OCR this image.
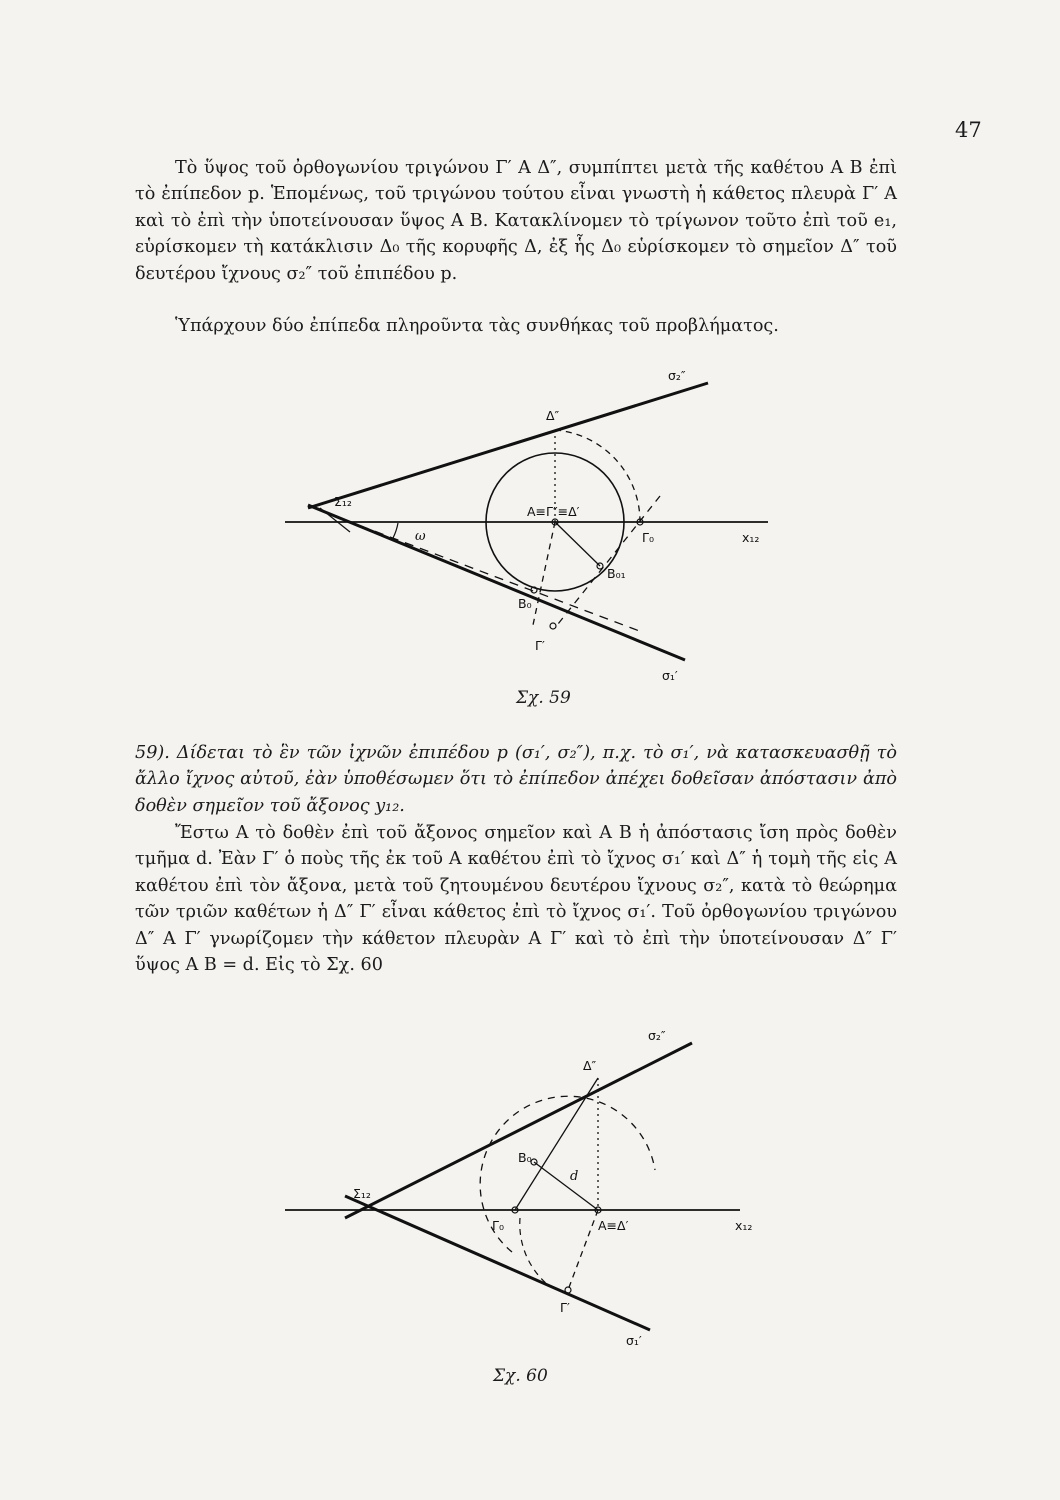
47

Τὸ ὕψος τοῦ ὀρθογωνίου τριγώνου Γ′ Α Δ″, συμπίπτει μετὰ τῆς καθέτου Α Β ἐπὶ τὸ ἐπίπεδον p. Ἑπομένως, τοῦ τριγώνου τούτου εἶναι γνωστὴ ἡ κάθετος πλευρὰ Γ′ Α καὶ τὸ ἐπὶ τὴν ὑποτείνουσαν ὕψος Α Β. Κατακλίνομεν τὸ τρίγωνον τοῦτο ἐπὶ τοῦ e₁, εὑρίσκομεν τὴ κατάκλισιν Δ₀ τῆς κορυφῆς Δ, ἐξ ἧς Δ₀ εὑρίσκομεν τὸ σημεῖον Δ″ τοῦ δευτέρου ἴχνους σ₂″ τοῦ ἐπιπέδου p.

Ὑπάρχουν δύο ἐπίπεδα πληροῦντα τὰς συνθήκας τοῦ προβλήματος.

σ₂″
Δ″
Σ₁₂
ω
Α≡Γ″≡Δ′
Γ₀	x₁₂
Β₀₁
Β₀
Γ′
σ₁′
Σχ. 59

59). Δίδεται τὸ ἓν τῶν ἰχνῶν ἐπιπέδου p (σ₁′, σ₂″), π.χ. τὸ σ₁′, νὰ κατασκευασθῇ τὸ ἄλλο ἴχνος αὐτοῦ, ἐὰν ὑποθέσωμεν ὅτι τὸ ἐπίπεδον ἀπέχει δοθεῖσαν ἀπόστασιν ἀπὸ δοθὲν σημεῖον τοῦ ἄξονος y₁₂.

Ἔστω Α τὸ δοθὲν ἐπὶ τοῦ ἄξονος σημεῖον καὶ Α Β ἡ ἀπόστασις ἴση πρὸς δοθὲν τμῆμα d. Ἐὰν Γ′ ὁ ποὺς τῆς ἐκ τοῦ Α καθέτου ἐπὶ τὸ ἴχνος σ₁′ καὶ Δ″ ἡ τομὴ τῆς εἰς Α καθέτου ἐπὶ τὸν ἄξονα, μετὰ τοῦ ζητουμένου δευτέρου ἴχνους σ₂″, κατὰ τὸ θεώρημα τῶν τριῶν καθέτων ἡ Δ″ Γ′ εἶναι κάθετος ἐπὶ τὸ ἴχνος σ₁′. Τοῦ ὀρθογωνίου τριγώνου Δ″ Α Γ′ γνωρίζομεν τὴν κάθετον πλευρὰν Α Γ′ καὶ τὸ ἐπὶ τὴν ὑποτείνουσαν Δ″ Γ′ ὕψος Α Β = d. Εἰς τὸ Σχ. 60

σ₂″
Δ″
Β₀
d
Σ₁₂
Γ₀	Α≡Δ′	x₁₂
Γ′
σ₁′
Σχ. 60
